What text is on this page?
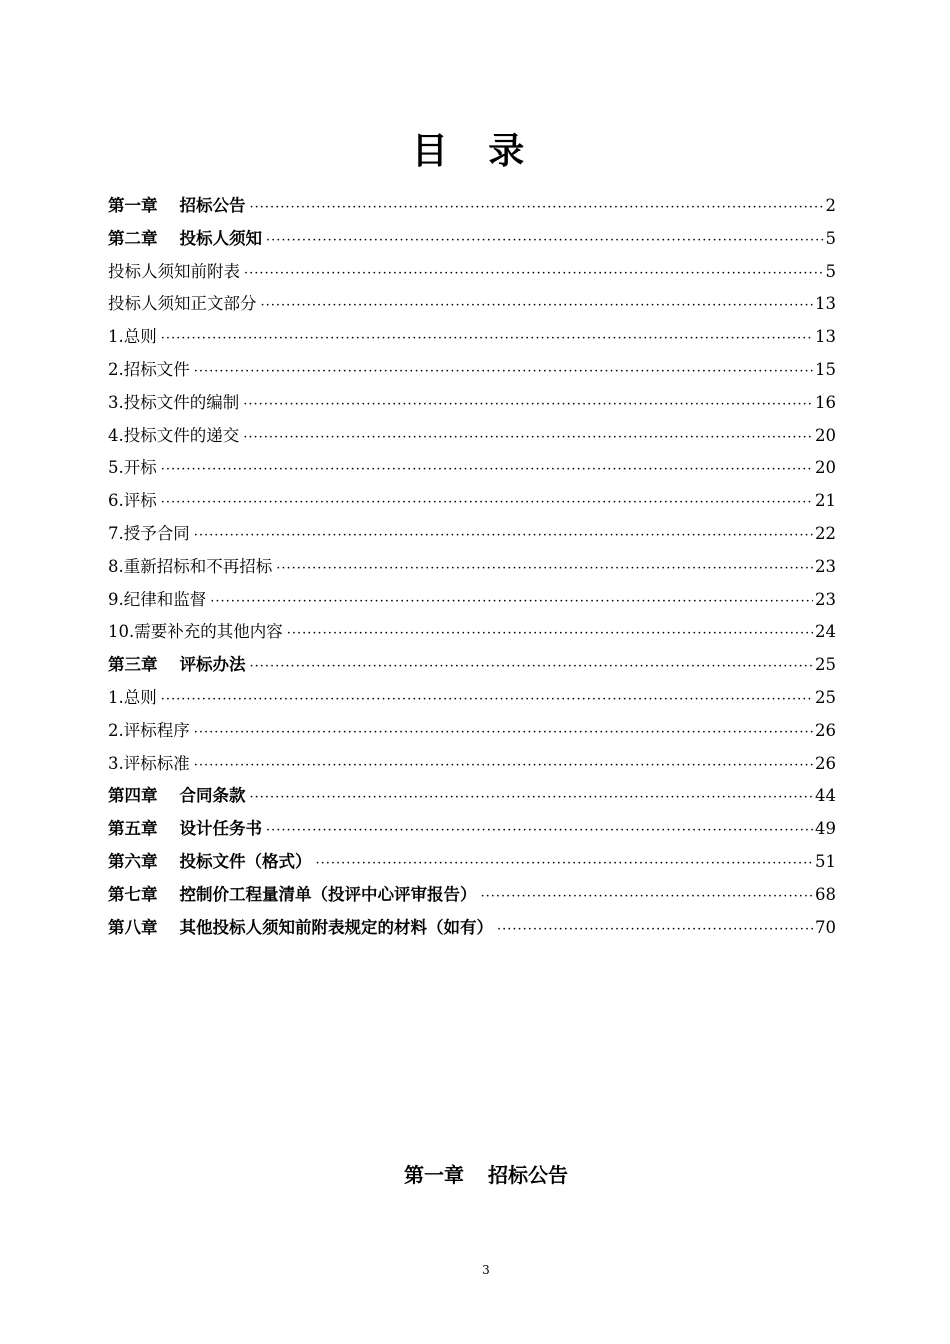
目 录
第一章 招标公告 ·····	2
第二章 投标人须知 ·····	5
投标人须知前附表 ·····	5
投标人须知正文部分 ·····	13
1.总则 ·····	13
2.招标文件 ·····	15
3.投标文件的编制 ·····	16
4.投标文件的递交 ·····	20
5.开标 ·····	20
6.评标 ·····	21
7.授予合同 ·····	22
8.重新招标和不再招标 ·····	23
9.纪律和监督 ·····	23
10.需要补充的其他内容 ·····	24
第三章 评标办法 ·····	25
1.总则 ·····	25
2.评标程序 ·····	26
3.评标标准 ·····	26
第四章 合同条款 ·····	44
第五章 设计任务书 ·····	49
第六章 投标文件（格式） ·····	51
第七章 控制价工程量清单（投评中心评审报告） ·····	68
第八章 其他投标人须知前附表规定的材料（如有） ·····	70
第一章 招标公告
3
